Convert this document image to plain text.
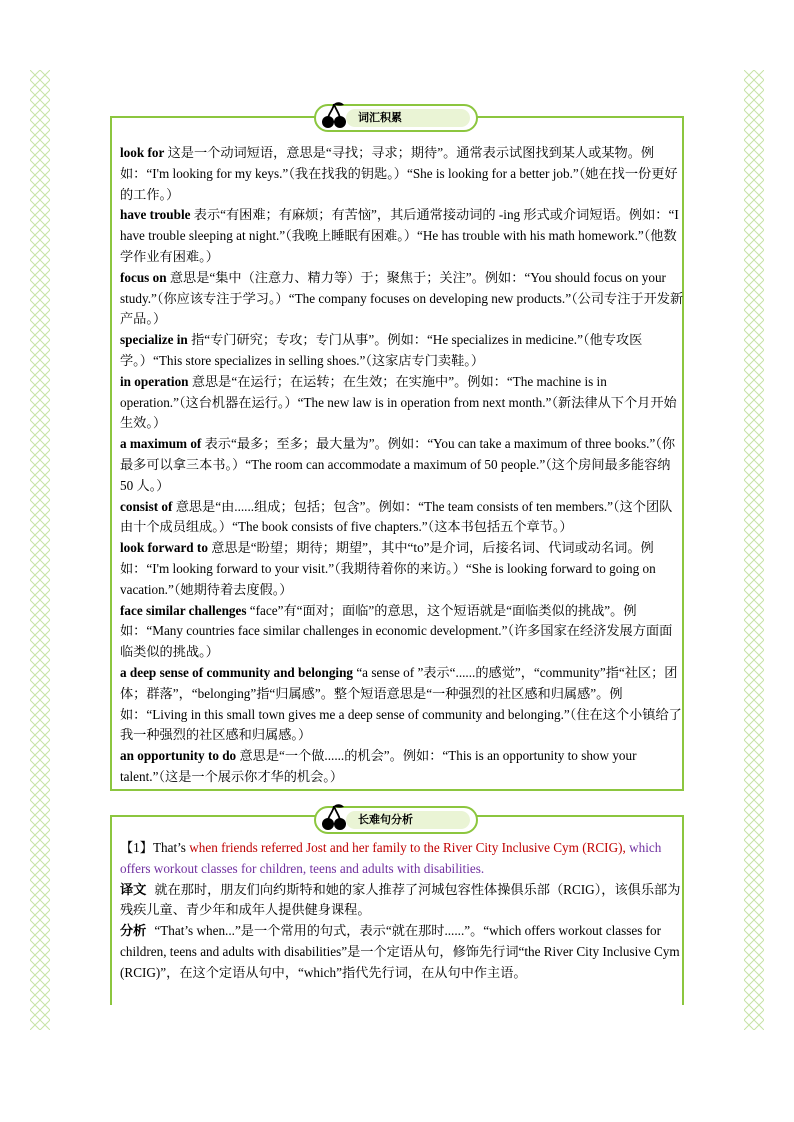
词汇积累

look for 这是一个动词短语，意思是“寻找；寻求；期待”。通常表示试图找到某人或某物。例如：“I'm looking for my keys.”（我在找我的钥匙。）“She is looking for a better job.”（她在找一份更好的工作。）

have trouble 表示“有困难；有麻烦；有苦恼”，其后通常接动词的 -ing 形式或介词短语。例如：“I have trouble sleeping at night.”（我晚上睡眠有困难。）“He has trouble with his math homework.”（他数学作业有困难。）

focus on 意思是“集中（注意力、精力等）于；聚焦于；关注”。例如：“You should focus on your study.”（你应该专注于学习。）“The company focuses on developing new products.”（公司专注于开发新产品。）

specialize in 指“专门研究；专攻；专门从事”。例如：“He specializes in medicine.”（他专攻医学。）“This store specializes in selling shoes.”（这家店专门卖鞋。）

in operation 意思是“在运行；在运转；在生效；在实施中”。例如：“The machine is in operation.”（这台机器在运行。）“The new law is in operation from next month.”（新法律从下个月开始生效。）

a maximum of 表示“最多；至多；最大量为”。例如：“You can take a maximum of three books.”（你最多可以拿三本书。）“The room can accommodate a maximum of 50 people.”（这个房间最多能容纳 50 人。）

consist of 意思是“由......组成；包括；包含”。例如：“The team consists of ten members.”（这个团队由十个成员组成。）“The book consists of five chapters.”（这本书包括五个章节。）

look forward to 意思是“盼望；期待；期望”，其中“to”是介词，后接名词、代词或动名词。例如：“I'm looking forward to your visit.”（我期待着你的来访。）“She is looking forward to going on vacation.”（她期待着去度假。）

face similar challenges “face”有“面对；面临”的意思，这个短语就是“面临类似的挑战”。例如：“Many countries face similar challenges in economic development.”（许多国家在经济发展方面面临类似的挑战。）

a deep sense of community and belonging “a sense of ”表示“......的感觉”，“community”指“社区；团体；群落”，“belonging”指“归属感”。整个短语意思是“一种强烈的社区感和归属感”。例如：“Living in this small town gives me a deep sense of community and belonging.”（住在这个小镇给了我一种强烈的社区感和归属感。）

an opportunity to do 意思是“一个做......的机会”。例如：“This is an opportunity to show your talent.”（这是一个展示你才华的机会。）

长难句分析

【1】That’s when friends referred Jost and her family to the River City Inclusive Cym (RCIG), which offers workout classes for children, teens and adults with disabilities.

译文 就在那时，朋友们向约斯特和她的家人推荐了河城包容性体操俱乐部（RCIG），该俱乐部为残疾儿童、青少年和成年人提供健身课程。

分析 “That’s when...”是一个常用的句式，表示“就在那时......”。“which offers workout classes for children, teens and adults with disabilities”是一个定语从句，修饰先行词“the River City Inclusive Cym (RCIG)”，在这个定语从句中，“which”指代先行词，在从句中作主语。
